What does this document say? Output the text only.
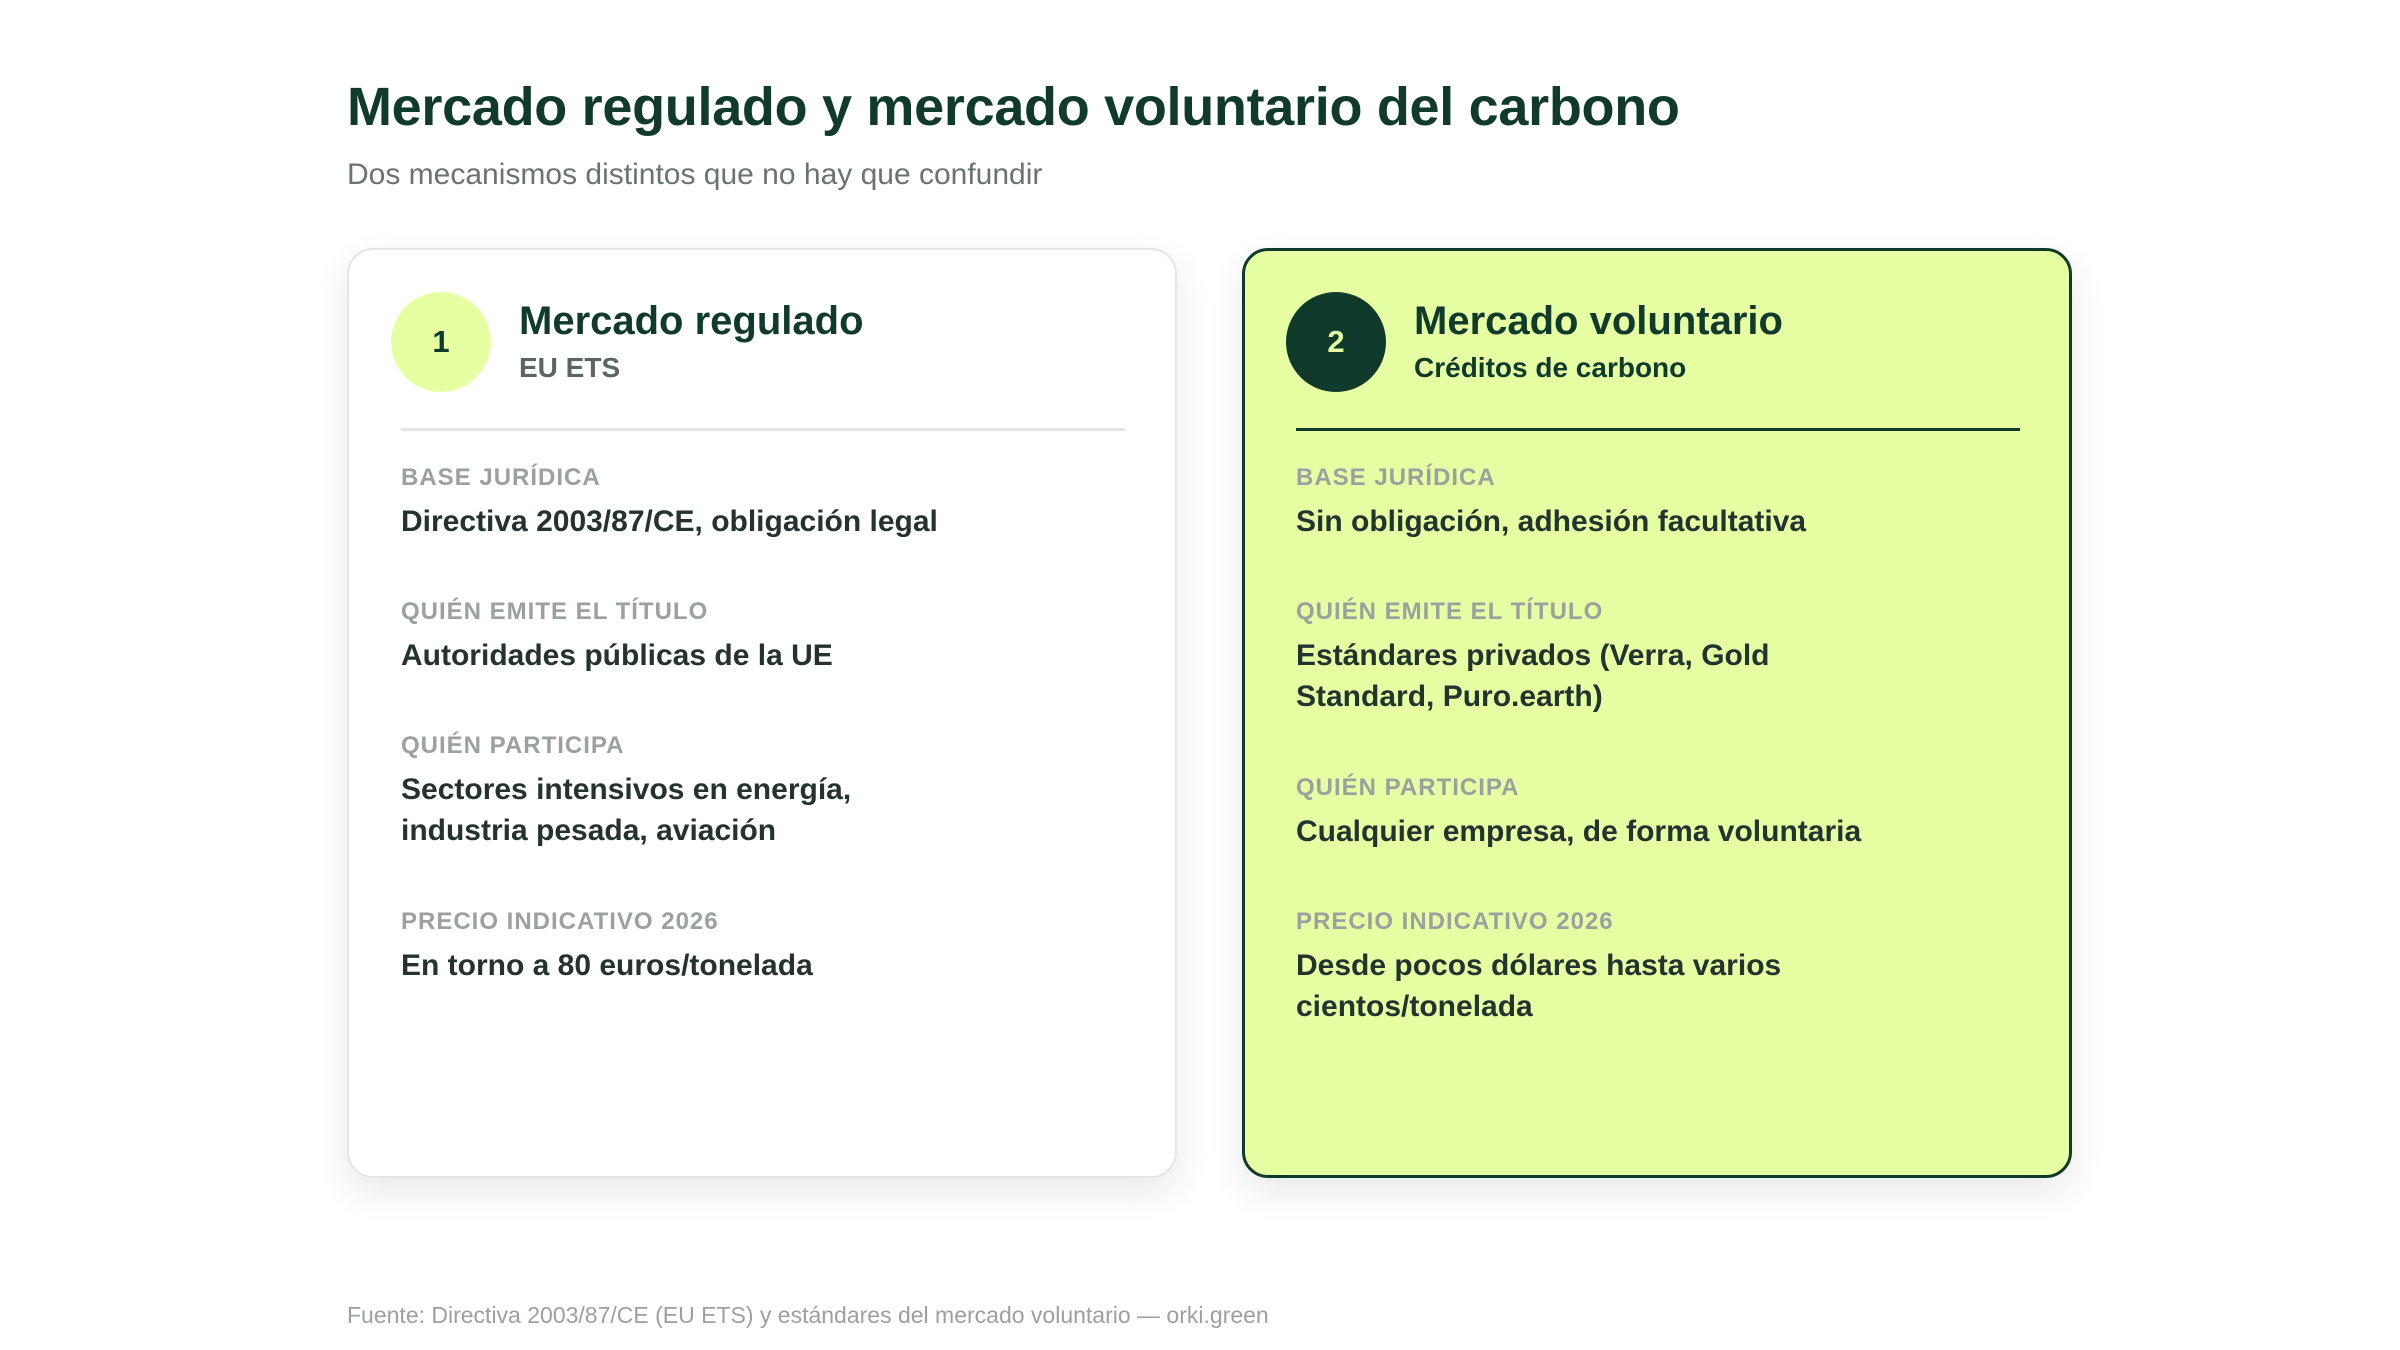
Mercado regulado y mercado voluntario del carbono

Dos mecanismos distintos que no hay que confundir

1	Mercado regulado
EU ETS
BASE JURÍDICA
Directiva 2003/87/CE, obligación legal
QUIÉN EMITE EL TÍTULO
Autoridades públicas de la UE
QUIÉN PARTICIPA
Sectores intensivos en energía,
industria pesada, aviación
PRECIO INDICATIVO 2026
En torno a 80 euros/tonelada
2	Mercado voluntario
Créditos de carbono
BASE JURÍDICA
Sin obligación, adhesión facultativa
QUIÉN EMITE EL TÍTULO
Estándares privados (Verra, Gold
Standard, Puro.earth)
QUIÉN PARTICIPA
Cualquier empresa, de forma voluntaria
PRECIO INDICATIVO 2026
Desde pocos dólares hasta varios
cientos/tonelada
Fuente: Directiva 2003/87/CE (EU ETS) y estándares del mercado voluntario — orki.green
